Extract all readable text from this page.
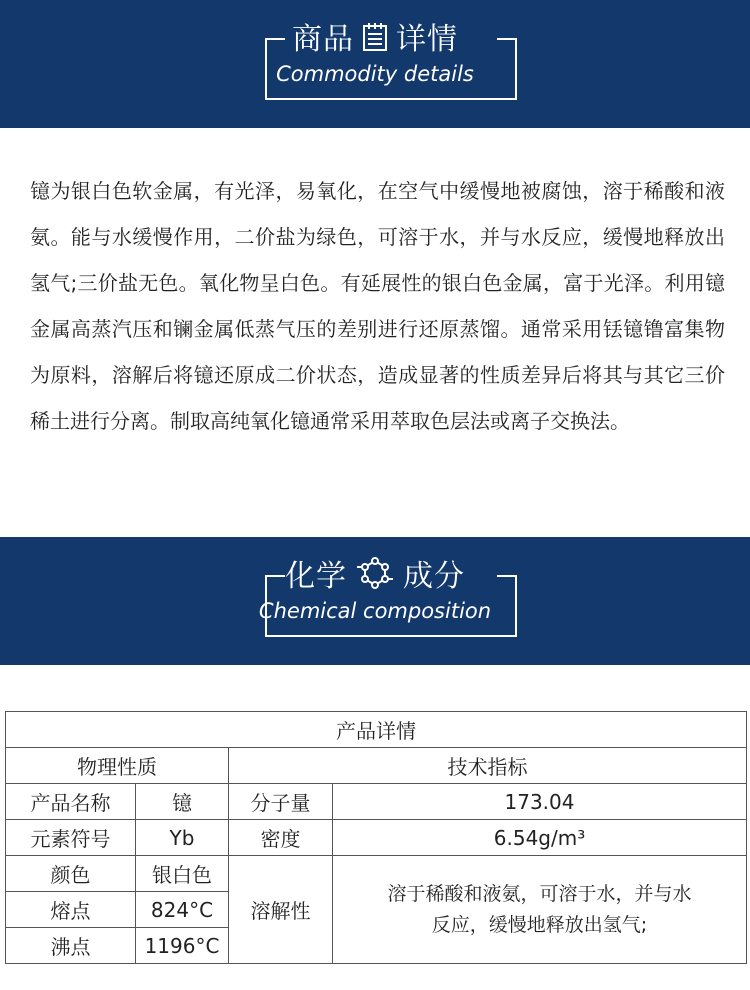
商品 详情
Commodity details
镱为银白色软金属，有光泽，易氧化，在空气中缓慢地被腐蚀，溶于稀酸和液氨。能与水缓慢作用，二价盐为绿色，可溶于水，并与水反应，缓慢地释放出氢气;三价盐无色。氧化物呈白色。有延展性的银白色金属，富于光泽。利用镱金属高蒸汽压和镧金属低蒸气压的差别进行还原蒸馏。通常采用铥镱镥富集物为原料，溶解后将镱还原成二价状态，造成显著的性质差异后将其与其它三价稀土进行分离。制取高纯氧化镱通常采用萃取色层法或离子交换法。
化学 成分
Chemical composition
产品详情			
物理性质		技术指标	
产品名称	镱	分子量	173.04
元素符号	Yb	密度	6.54g/m³
颜色	银白色	溶解性	溶于稀酸和液氨，可溶于水，并与水反应，缓慢地释放出氢气;
熔点	824°C		
沸点	1196°C		
